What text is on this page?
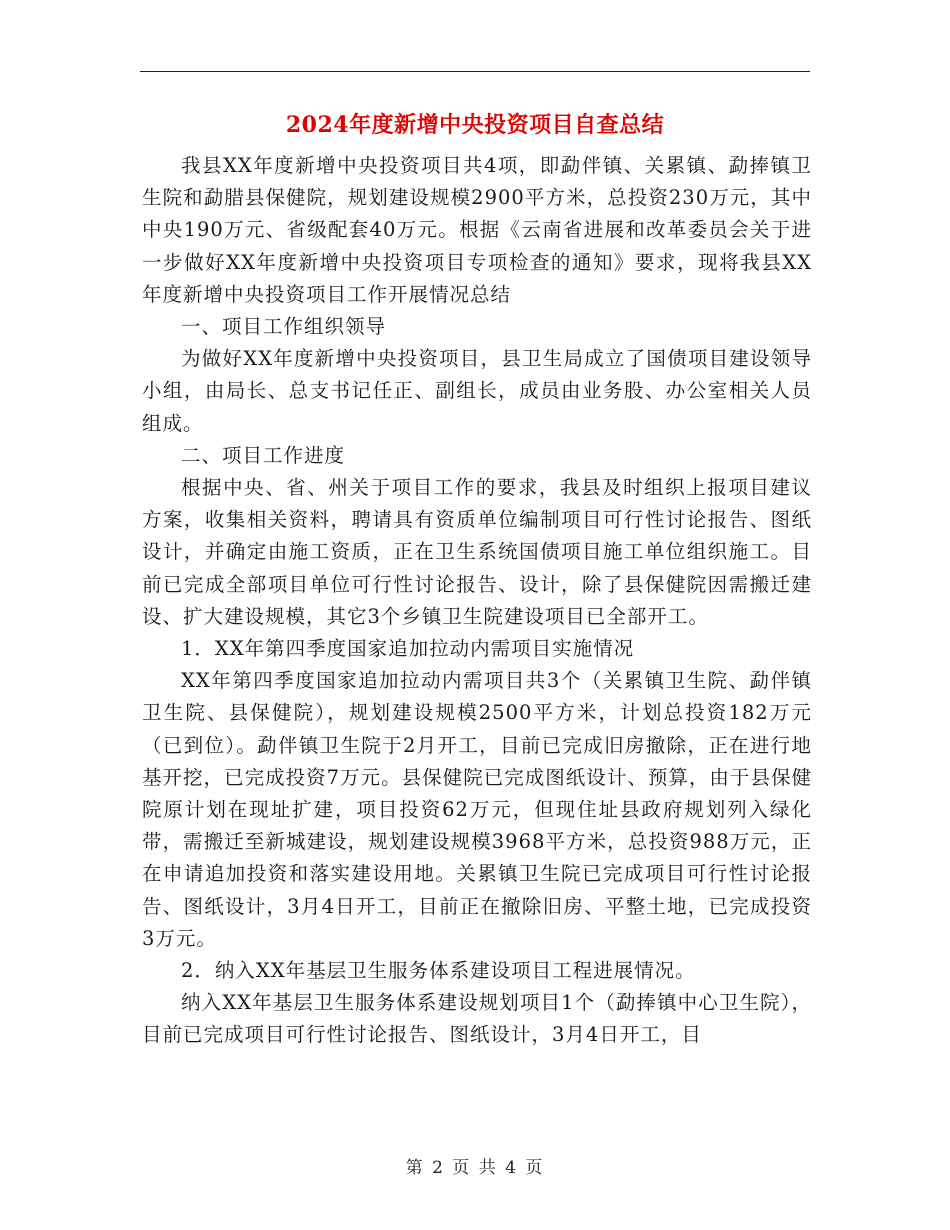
2024年度新增中央投资项目自查总结

我县XX年度新增中央投资项目共4项，即勐伴镇、关累镇、勐捧镇卫生院和勐腊县保健院，规划建设规模2900平方米，总投资230万元，其中中央190万元、省级配套40万元。根据《云南省进展和改革委员会关于进一步做好XX年度新增中央投资项目专项检查的通知》要求，现将我县XX年度新增中央投资项目工作开展情况总结

一、项目工作组织领导

为做好XX年度新增中央投资项目，县卫生局成立了国债项目建设领导小组，由局长、总支书记任正、副组长，成员由业务股、办公室相关人员组成。

二、项目工作进度

根据中央、省、州关于项目工作的要求，我县及时组织上报项目建议方案，收集相关资料，聘请具有资质单位编制项目可行性讨论报告、图纸设计，并确定由施工资质，正在卫生系统国债项目施工单位组织施工。目前已完成全部项目单位可行性讨论报告、设计，除了县保健院因需搬迁建设、扩大建设规模，其它3个乡镇卫生院建设项目已全部开工。

1．XX年第四季度国家追加拉动内需项目实施情况

XX年第四季度国家追加拉动内需项目共3个（关累镇卫生院、勐伴镇卫生院、县保健院），规划建设规模2500平方米，计划总投资182万元（已到位）。勐伴镇卫生院于2月开工，目前已完成旧房撤除，正在进行地基开挖，已完成投资7万元。县保健院已完成图纸设计、预算，由于县保健院原计划在现址扩建，项目投资62万元，但现住址县政府规划列入绿化带，需搬迁至新城建设，规划建设规模3968平方米，总投资988万元，正在申请追加投资和落实建设用地。关累镇卫生院已完成项目可行性讨论报告、图纸设计，3月4日开工，目前正在撤除旧房、平整土地，已完成投资3万元。

2．纳入XX年基层卫生服务体系建设项目工程进展情况。

纳入XX年基层卫生服务体系建设规划项目1个（勐捧镇中心卫生院），目前已完成项目可行性讨论报告、图纸设计，3月4日开工，目

第 2 页 共 4 页
